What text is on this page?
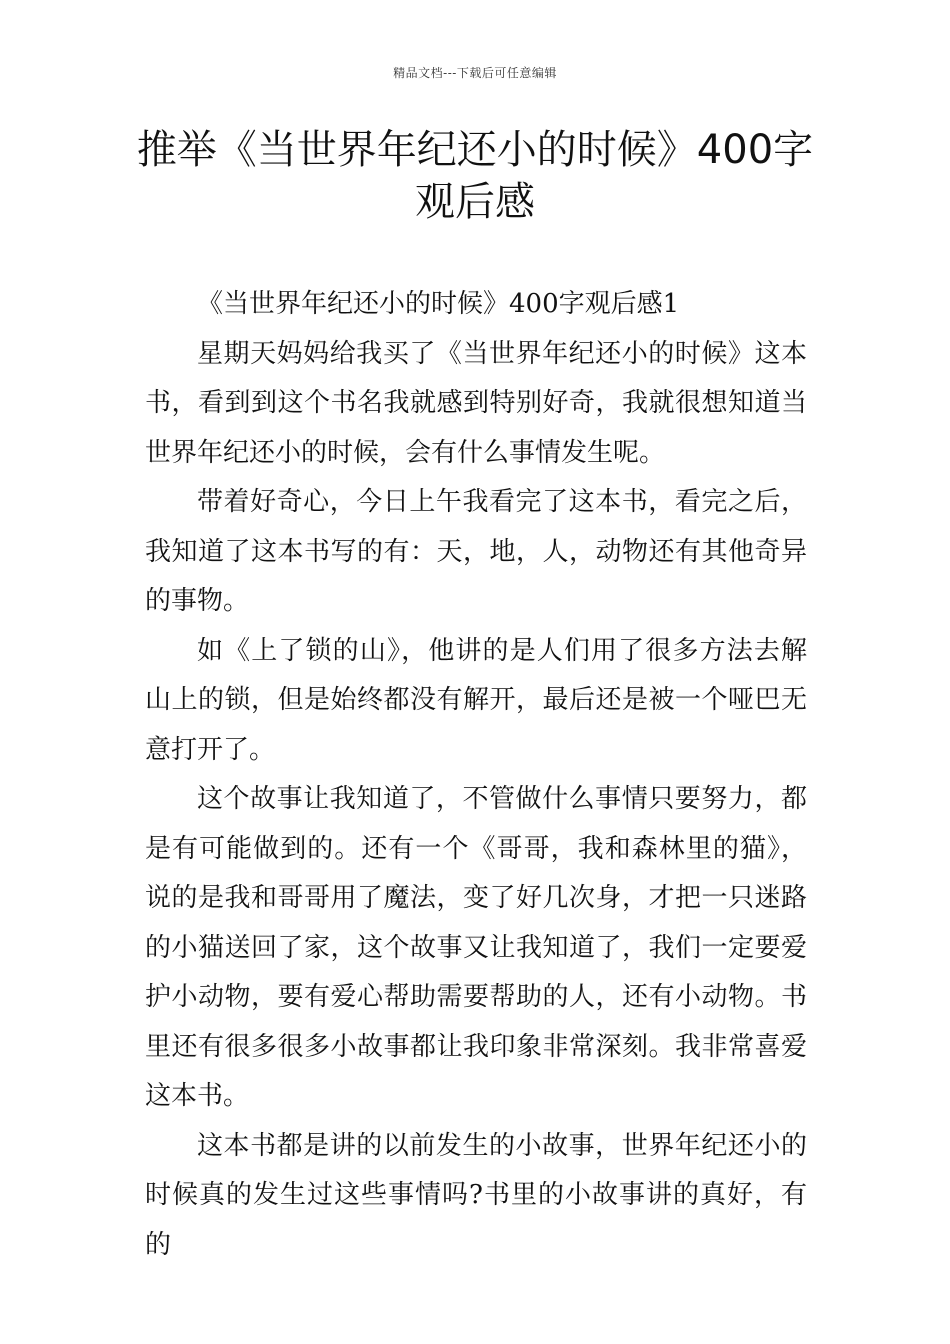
精品文档---下载后可任意编辑
推举《当世界年纪还小的时候》400字观后感

《当世界年纪还小的时候》400字观后感1

星期天妈妈给我买了《当世界年纪还小的时候》这本书，看到到这个书名我就感到特别好奇，我就很想知道当世界年纪还小的时候，会有什么事情发生呢。

带着好奇心，今日上午我看完了这本书，看完之后，我知道了这本书写的有：天，地，人，动物还有其他奇异的事物。

如《上了锁的山》，他讲的是人们用了很多方法去解山上的锁，但是始终都没有解开，最后还是被一个哑巴无意打开了。

这个故事让我知道了，不管做什么事情只要努力，都是有可能做到的。还有一个《哥哥，我和森林里的猫》，说的是我和哥哥用了魔法，变了好几次身，才把一只迷路的小猫送回了家，这个故事又让我知道了，我们一定要爱护小动物，要有爱心帮助需要帮助的人，还有小动物。书里还有很多很多小故事都让我印象非常深刻。我非常喜爱这本书。

这本书都是讲的以前发生的小故事，世界年纪还小的时候真的发生过这些事情吗?书里的小故事讲的真好，有的
